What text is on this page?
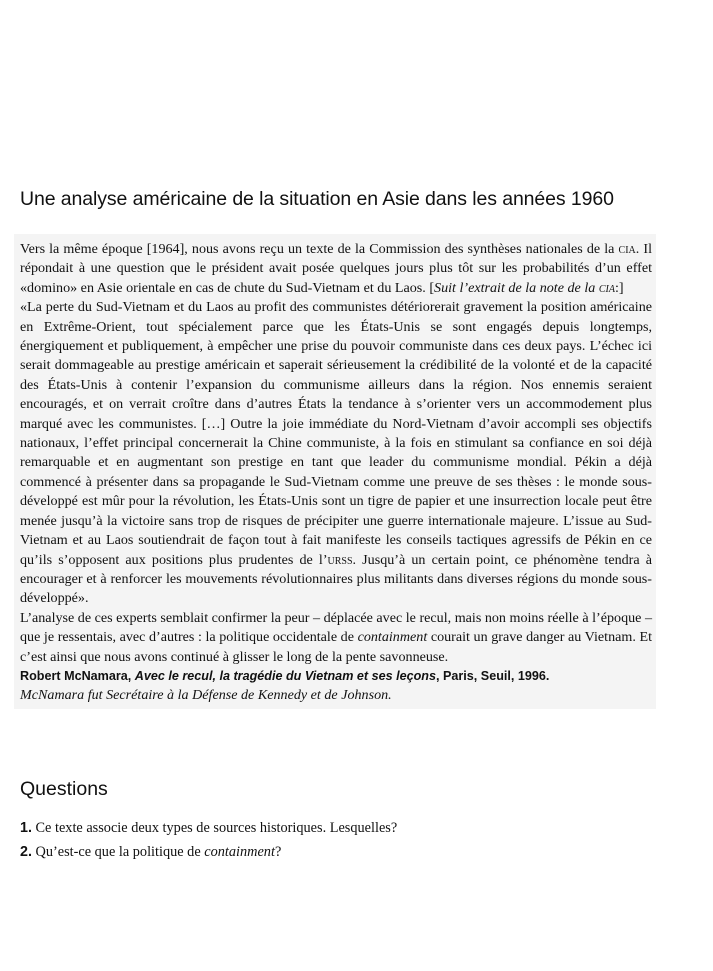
Une analyse américaine de la situation en Asie dans les années 1960

Vers la même époque [1964], nous avons reçu un texte de la Commission des synthèses nationales de la cia. Il répondait à une question que le président avait posée quelques jours plus tôt sur les probabilités d’un effet «domino» en Asie orientale en cas de chute du Sud-Vietnam et du Laos. [Suit l’extrait de la note de la cia:]

«La perte du Sud-Vietnam et du Laos au profit des communistes détériorerait gravement la position américaine en Extrême-Orient, tout spécialement parce que les États-Unis se sont engagés depuis longtemps, énergiquement et publiquement, à empêcher une prise du pouvoir communiste dans ces deux pays. L’échec ici serait dommageable au prestige américain et saperait sérieusement la crédibilité de la volonté et de la capacité des États-Unis à contenir l’expansion du communisme ailleurs dans la région. Nos ennemis seraient encouragés, et on verrait croître dans d’autres États la tendance à s’orienter vers un accommodement plus marqué avec les communistes. […] Outre la joie immédiate du Nord-Vietnam d’avoir accompli ses objectifs nationaux, l’effet principal concernerait la Chine communiste, à la fois en stimulant sa confiance en soi déjà remarquable et en augmentant son prestige en tant que leader du communisme mondial. Pékin a déjà commencé à présenter dans sa propagande le Sud-Vietnam comme une preuve de ses thèses : le monde sous-développé est mûr pour la révolution, les États-Unis sont un tigre de papier et une insurrection locale peut être menée jusqu’à la victoire sans trop de risques de précipiter une guerre internationale majeure. L’issue au Sud-Vietnam et au Laos soutiendrait de façon tout à fait manifeste les conseils tactiques agressifs de Pékin en ce qu’ils s’opposent aux positions plus prudentes de l’urss. Jusqu’à un certain point, ce phénomène tendra à encourager et à renforcer les mouvements révolutionnaires plus militants dans diverses régions du monde sous-développé».

L’analyse de ces experts semblait confirmer la peur – déplacée avec le recul, mais non moins réelle à l’époque – que je ressentais, avec d’autres : la politique occidentale de containment courait un grave danger au Vietnam. Et c’est ainsi que nous avons continué à glisser le long de la pente savonneuse.

Robert McNamara, Avec le recul, la tragédie du Vietnam et ses leçons, Paris, Seuil, 1996.

McNamara fut Secrétaire à la Défense de Kennedy et de Johnson.

Questions
1. Ce texte associe deux types de sources historiques. Lesquelles?
2. Qu’est-ce que la politique de containment?
